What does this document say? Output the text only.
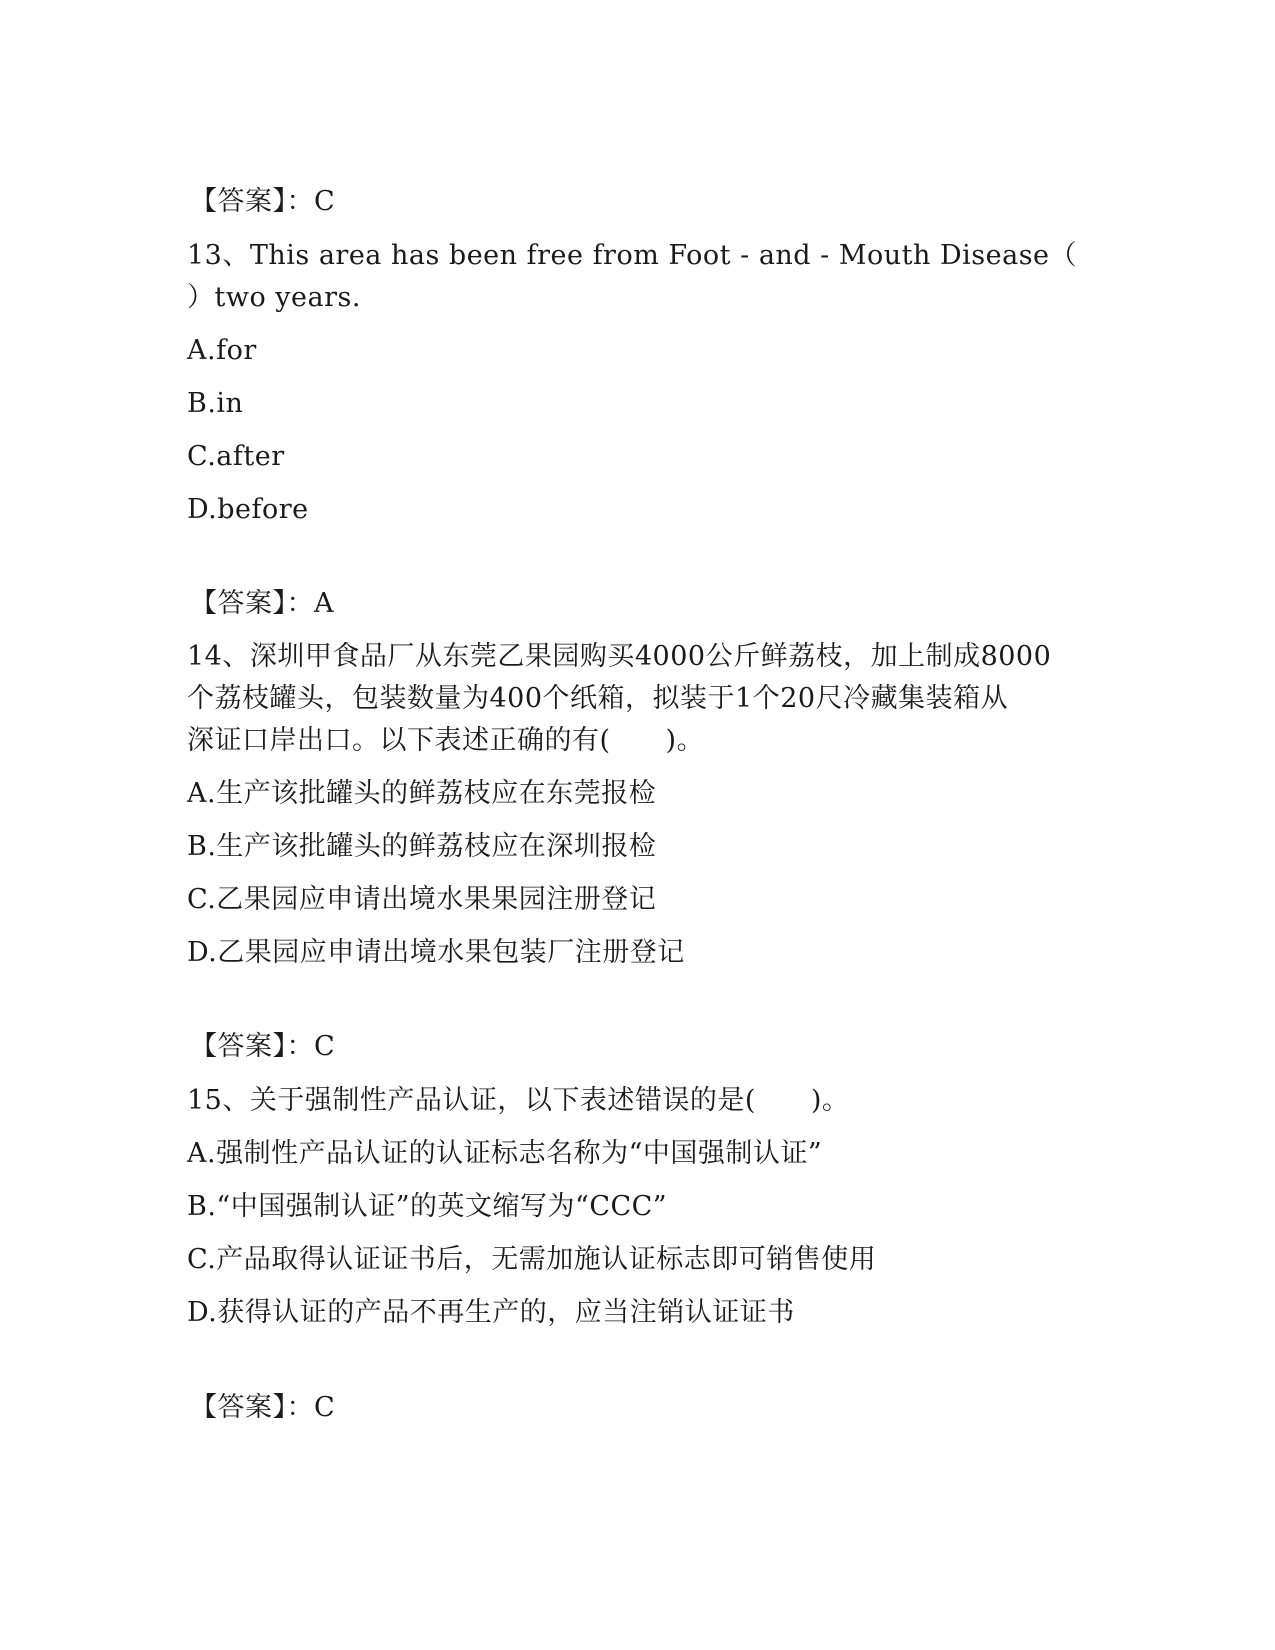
【答案】：C
13、This area has been free from Foot - and - Mouth Disease（
）two years.
A.for
B.in
C.after
D.before
【答案】：A
14、深圳甲食品厂从东莞乙果园购买4000公斤鲜荔枝，加上制成8000
个荔枝罐头，包装数量为400个纸箱，拟装于1个20尺冷藏集装箱从
深证口岸出口。以下表述正确的有(　　)。
A.生产该批罐头的鲜荔枝应在东莞报检
B.生产该批罐头的鲜荔枝应在深圳报检
C.乙果园应申请出境水果果园注册登记
D.乙果园应申请出境水果包装厂注册登记
【答案】：C
15、关于强制性产品认证，以下表述错误的是(　　)。
A.强制性产品认证的认证标志名称为“中国强制认证”
B.“中国强制认证”的英文缩写为“CCC”
C.产品取得认证证书后，无需加施认证标志即可销售使用
D.获得认证的产品不再生产的，应当注销认证证书
【答案】：C
